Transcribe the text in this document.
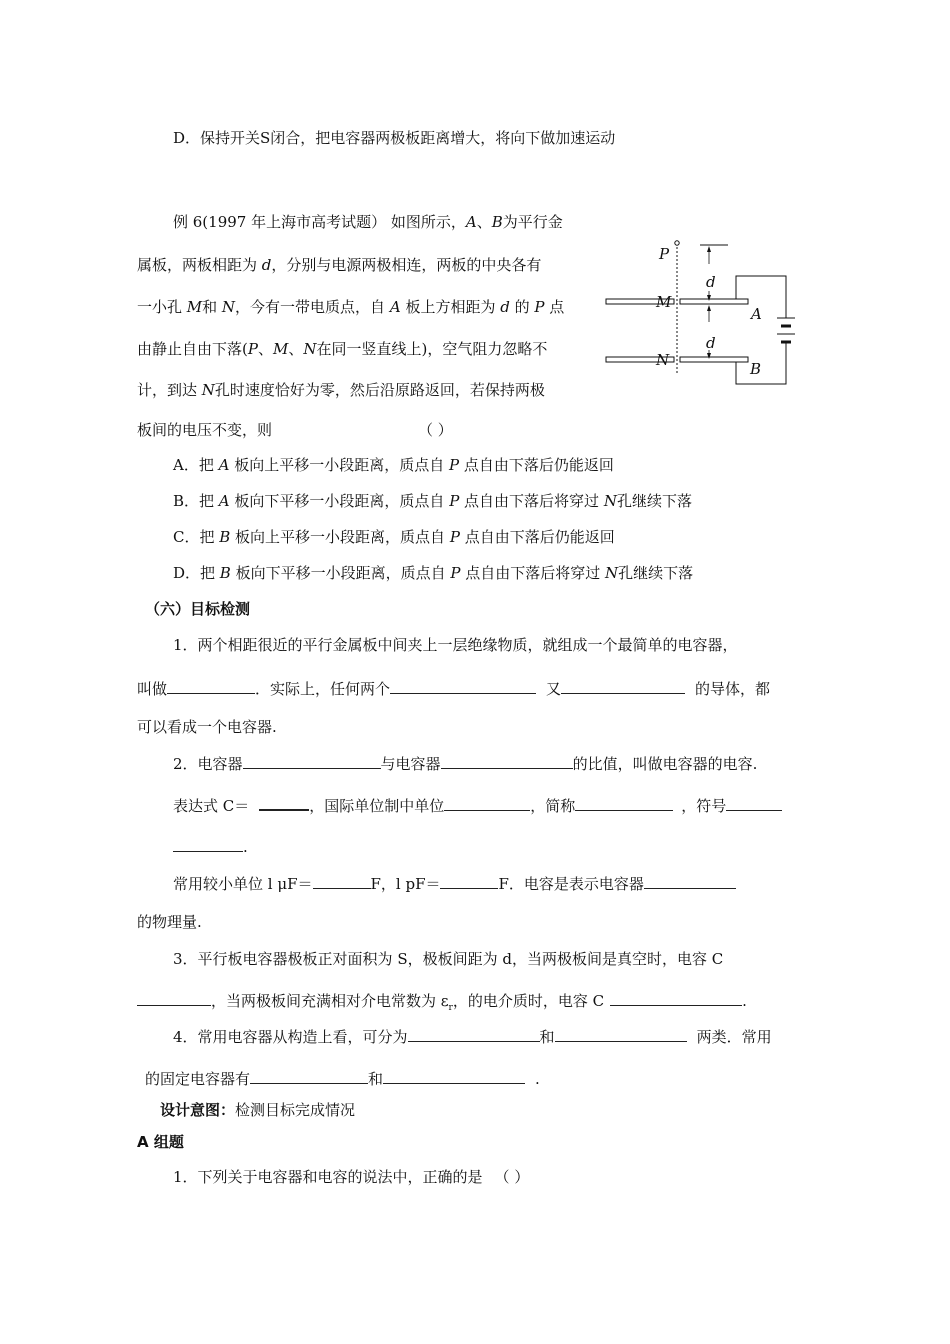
D．保持开关S闭合，把电容器两极板距离增大，将向下做加速运动
例 6(1997 年上海市高考试题） 如图所示，A、B为平行金
属板，两板相距为 d，分别与电源两极相连，两板的中央各有
一小孔 M和 N，今有一带电质点，自 A 板上方相距为 d 的 P 点
由静止自由下落(P、M、N在同一竖直线上)，空气阻力忽略不
计，到达 N孔时速度恰好为零，然后沿原路返回，若保持两极
板间的电压不变，则	（ ）
P
d
M
A
d
N	B
A．把 A 板向上平移一小段距离，质点自 P 点自由下落后仍能返回
B．把 A 板向下平移一小段距离，质点自 P 点自由下落后将穿过 N孔继续下落
C．把 B 板向上平移一小段距离，质点自 P 点自由下落后仍能返回
D．把 B 板向下平移一小段距离，质点自 P 点自由下落后将穿过 N孔继续下落
（六）目标检测
1．两个相距很近的平行金属板中间夹上一层绝缘物质，就组成一个最简单的电容器，
叫做	．实际上，任何两个	又	的导体，都
可以看成一个电容器.
2．电容器	与电容器	的比值，叫做电容器的电容.
表达式 C＝	，国际单位制中单位	，简称	，符号
.
常用较小单位 l μF＝	F，l pF＝	F．电容是表示电容器
的物理量.
3．平行板电容器极板正对面积为 S，极板间距为 d，当两极板间是真空时，电容 C
，当两极板间充满相对介电常数为 $\varepsilon_r$，的电介质时，电容 C	.
4．常用电容器从构造上看，可分为	和	两类．常用
的固定电容器有	和	.
设计意图：检测目标完成情况
A 组题
1．下列关于电容器和电容的说法中，正确的是 （ ）
